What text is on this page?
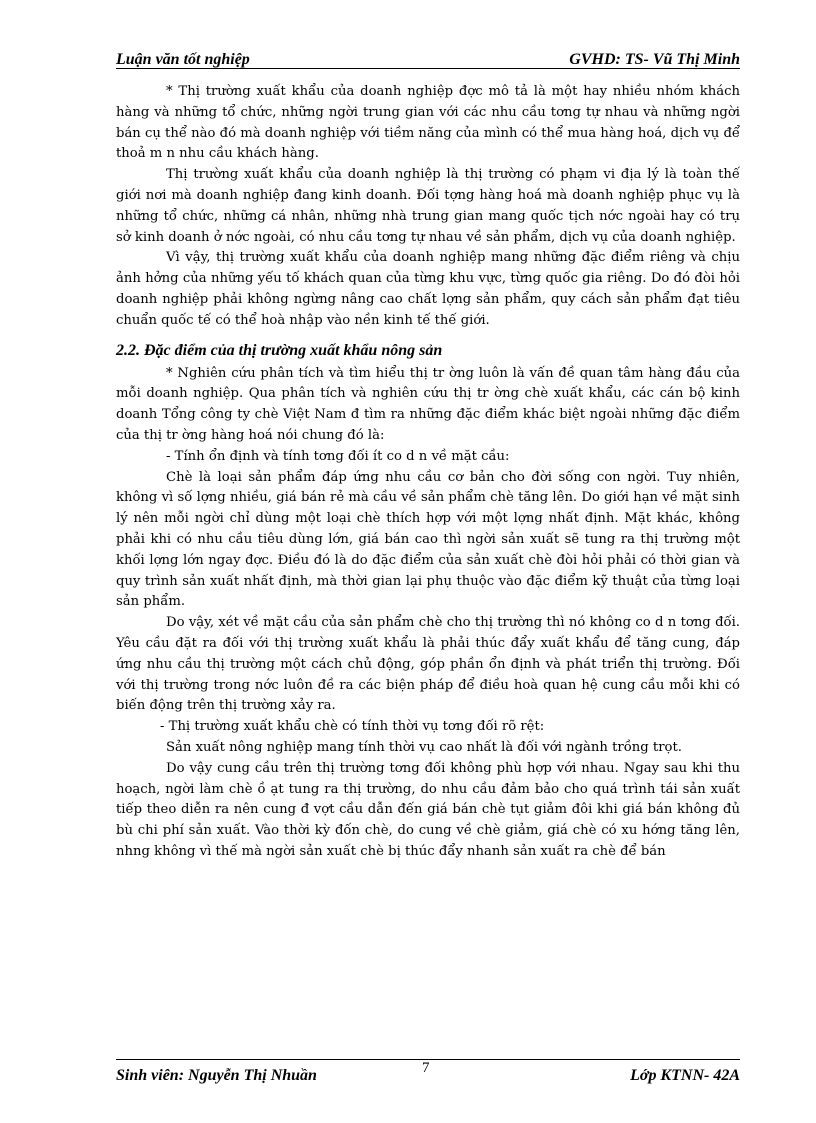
Luận văn tốt nghiệp	GVHD: TS- Vũ Thị Minh

* Thị trường xuất khẩu của doanh nghiệp đợc mô tả là một hay nhiều nhóm khách hàng và những tổ chức, những ngời trung gian với các nhu cầu tơng tự nhau và những ngời bán cụ thể nào đó mà doanh nghiệp với tiềm năng của mình có thể mua hàng hoá, dịch vụ để thoả m n nhu cầu khách hàng.

Thị trường xuất khẩu của doanh nghiệp là thị trường có phạm vi địa lý là toàn thế giới nơi mà doanh nghiệp đang kinh doanh. Đối tợng hàng hoá mà doanh nghiệp phục vụ là những tổ chức, những cá nhân, những nhà trung gian mang quốc tịch nớc ngoài hay có trụ sở kinh doanh ở nớc ngoài, có nhu cầu tơng tự nhau về sản phẩm, dịch vụ của doanh nghiệp.

Vì vậy, thị trường xuất khẩu của doanh nghiệp mang những đặc điểm riêng và chịu ảnh hởng của những yếu tố khách quan của từng khu vực, từng quốc gia riêng. Do đó đòi hỏi doanh nghiệp phải không ngừng nâng cao chất lợng sản phẩm, quy cách sản phẩm đạt tiêu chuẩn quốc tế có thể hoà nhập vào nền kinh tế thế giới.

2.2. Đặc điểm của thị trường xuất khẩu nông sản

* Nghiên cứu phân tích và tìm hiểu thị tr ờng luôn là vấn đề quan tâm hàng đầu của mỗi doanh nghiệp. Qua phân tích và nghiên cứu thị tr ờng chè xuất khẩu, các cán bộ kinh doanh Tổng công ty chè Việt Nam đ tìm ra những đặc điểm khác biệt ngoài những đặc điểm của thị tr ờng hàng hoá nói chung đó là:

- Tính ổn định và tính tơng đối ít co d n về mặt cầu:

Chè là loại sản phẩm đáp ứng nhu cầu cơ bản cho đời sống con ngời. Tuy nhiên, không vì số lợng nhiều, giá bán rẻ mà cầu về sản phẩm chè tăng lên. Do giới hạn về mặt sinh lý nên mỗi ngời chỉ dùng một loại chè thích hợp với một lợng nhất định. Mặt khác, không phải khi có nhu cầu tiêu dùng lớn, giá bán cao thì ngời sản xuất sẽ tung ra thị trường một khối lợng lớn ngay đợc. Điều đó là do đặc điểm của sản xuất chè đòi hỏi phải có thời gian và quy trình sản xuất nhất định, mà thời gian lại phụ thuộc vào đặc điểm kỹ thuật của từng loại sản phẩm.

Do vậy, xét về mặt cầu của sản phẩm chè cho thị trường thì nó không co d n tơng đối. Yêu cầu đặt ra đối với thị trường xuất khẩu là phải thúc đẩy xuất khẩu để tăng cung, đáp ứng nhu cầu thị trường một cách chủ động, góp phần ổn định và phát triển thị trường. Đối với thị trường trong nớc luôn đề ra các biện pháp để điều hoà quan hệ cung cầu mỗi khi có biến động trên thị trường xảy ra.

- Thị trường xuất khẩu chè có tính thời vụ tơng đối rõ rệt:

Sản xuất nông nghiệp mang tính thời vụ cao nhất là đối với ngành trồng trọt.

Do vậy cung cầu trên thị trường tơng đối không phù hợp với nhau. Ngay sau khi thu hoạch, ngời làm chè ồ ạt tung ra thị trường, do nhu cầu đảm bảo cho quá trình tái sản xuất tiếp theo diễn ra nên cung đ vợt cầu dẫn đến giá bán chè tụt giảm đôi khi giá bán không đủ bù chi phí sản xuất. Vào thời kỳ đốn chè, do cung về chè giảm, giá chè có xu hớng tăng lên, nhng không vì thế mà ngời sản xuất chè bị thúc đẩy nhanh sản xuất ra chè để bán

Sinh viên: Nguyễn Thị Nhuần	7	Lớp KTNN- 42A
